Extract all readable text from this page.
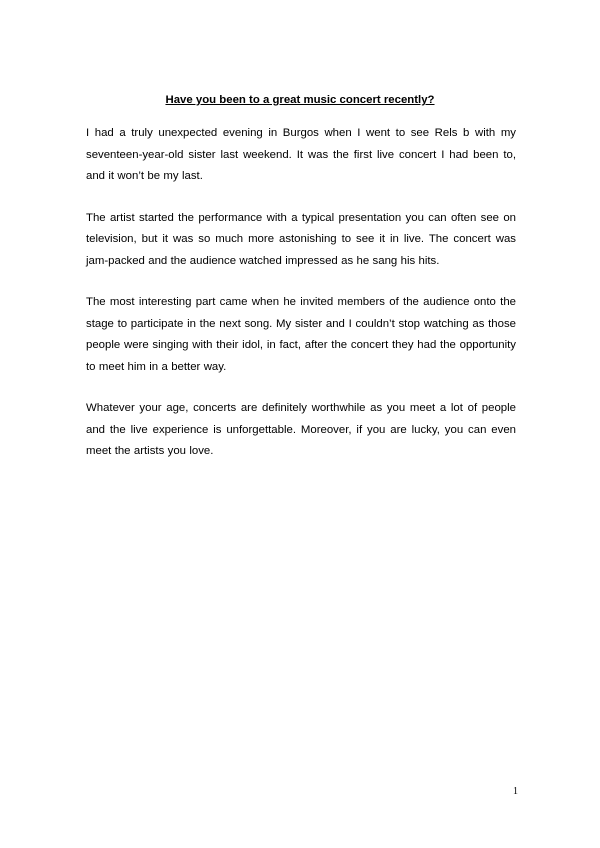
Have you been to a great music concert recently?

I had a truly unexpected evening in Burgos when I went to see Rels b with my seventeen-year-old sister last weekend. It was the first live concert I had been to, and it won’t be my last.

The artist started the performance with a typical presentation you can often see on television, but it was so much more astonishing to see it in live. The concert was jam-packed and the audience watched impressed as he sang his hits.

The most interesting part came when he invited members of the audience onto the stage to participate in the next song. My sister and I couldn’t stop watching as those people were singing with their idol, in fact, after the concert they had the opportunity to meet him in a better way.

Whatever your age, concerts are definitely worthwhile as you meet a lot of people and the live experience is unforgettable. Moreover, if you are lucky, you can even meet the artists you love.

1
